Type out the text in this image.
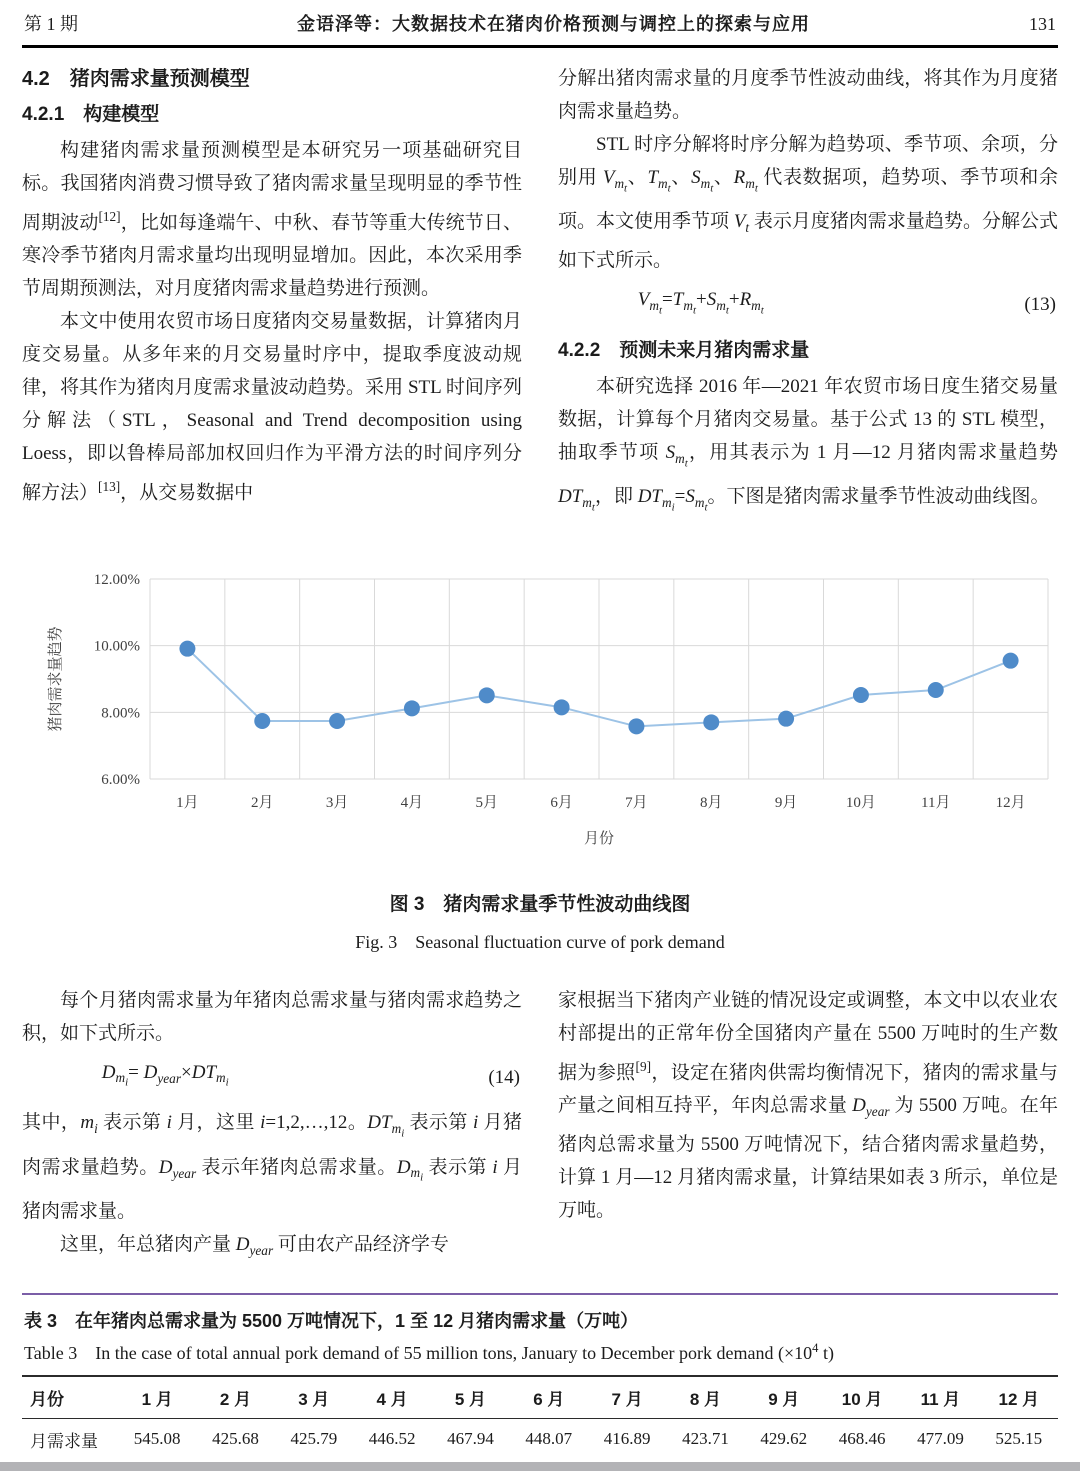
第 1 期	金语泽等：大数据技术在猪肉价格预测与调控上的探索与应用	131
4.2　猪肉需求量预测模型
4.2.1　构建模型

构建猪肉需求量预测模型是本研究另一项基础研究目标。我国猪肉消费习惯导致了猪肉需求量呈现明显的季节性周期波动[12]，比如每逢端午、中秋、春节等重大传统节日、寒冷季节猪肉月需求量均出现明显增加。因此，本次采用季节周期预测法，对月度猪肉需求量趋势进行预测。

本文中使用农贸市场日度猪肉交易量数据，计算猪肉月度交易量。从多年来的月交易量时序中，提取季度波动规律，将其作为猪肉月度需求量波动趋势。采用 STL 时间序列分解法（STL，Seasonal and Trend decomposition using Loess，即以鲁棒局部加权回归作为平滑方法的时间序列分解方法）[13]，从交易数据中

分解出猪肉需求量的月度季节性波动曲线，将其作为月度猪肉需求量趋势。

STL 时序分解将时序分解为趋势项、季节项、余项，分别用 $V_{m_t}$、$T_{m_t}$、$S_{m_t}$、$R_{m_t}$ 代表数据项，趋势项、季节项和余项。本文使用季节项 $V_t$ 表示月度猪肉需求量趋势。分解公式如下式所示。

$V_{m_t}=T_{m_t}+S_{m_t}+R_{m_t}$	(13)
4.2.2　预测未来月猪肉需求量

本研究选择 2016 年—2021 年农贸市场日度生猪交易量数据，计算每个月猪肉交易量。基于公式 13 的 STL 模型，抽取季节项 $S_{m_t}$，用其表示为 1 月—12 月猪肉需求量趋势 $DT_{m_t}$，即 $DT_{m_i}=S_{m_t}$。下图是猪肉需求量季节性波动曲线图。

6.00%
8.00%
10.00%
12.00%
1月	2月	3月	4月	5月	6月	7月	8月	9月	10月	11月	12月
猪肉需求量趋势
月份
图 3　猪肉需求量季节性波动曲线图
Fig. 3　Seasonal fluctuation curve of pork demand

每个月猪肉需求量为年猪肉总需求量与猪肉需求趋势之积，如下式所示。

$D_{m_i}= D_{year}\times DT_{m_i}$	(14)

其中，$m_i$ 表示第 i 月，这里 i=1,2,…,12。$DT_{m_i}$ 表示第 i 月猪肉需求量趋势。$D_{year}$ 表示年猪肉总需求量。$D_{m_i}$ 表示第 i 月猪肉需求量。

这里，年总猪肉产量 $D_{year}$ 可由农产品经济学专

家根据当下猪肉产业链的情况设定或调整，本文中以农业农村部提出的正常年份全国猪肉产量在 5500 万吨时的生产数据为参照[9]，设定在猪肉供需均衡情况下，猪肉的需求量与产量之间相互持平，年肉总需求量 $D_{year}$ 为 5500 万吨。在年猪肉总需求量为 5500 万吨情况下，结合猪肉需求量趋势，计算 1 月—12 月猪肉需求量，计算结果如表 3 所示，单位是万吨。

表 3　在年猪肉总需求量为 5500 万吨情况下，1 至 12 月猪肉需求量（万吨）
Table 3　In the case of total annual pork demand of 55 million tons, January to December pork demand ($\times 10^4$ t)
月份	1 月	2 月	3 月	4 月	5 月	6 月	7 月	8 月	9 月	10 月	11 月	12 月
月需求量	545.08	425.68	425.79	446.52	467.94	448.07	416.89	423.71	429.62	468.46	477.09	525.15
